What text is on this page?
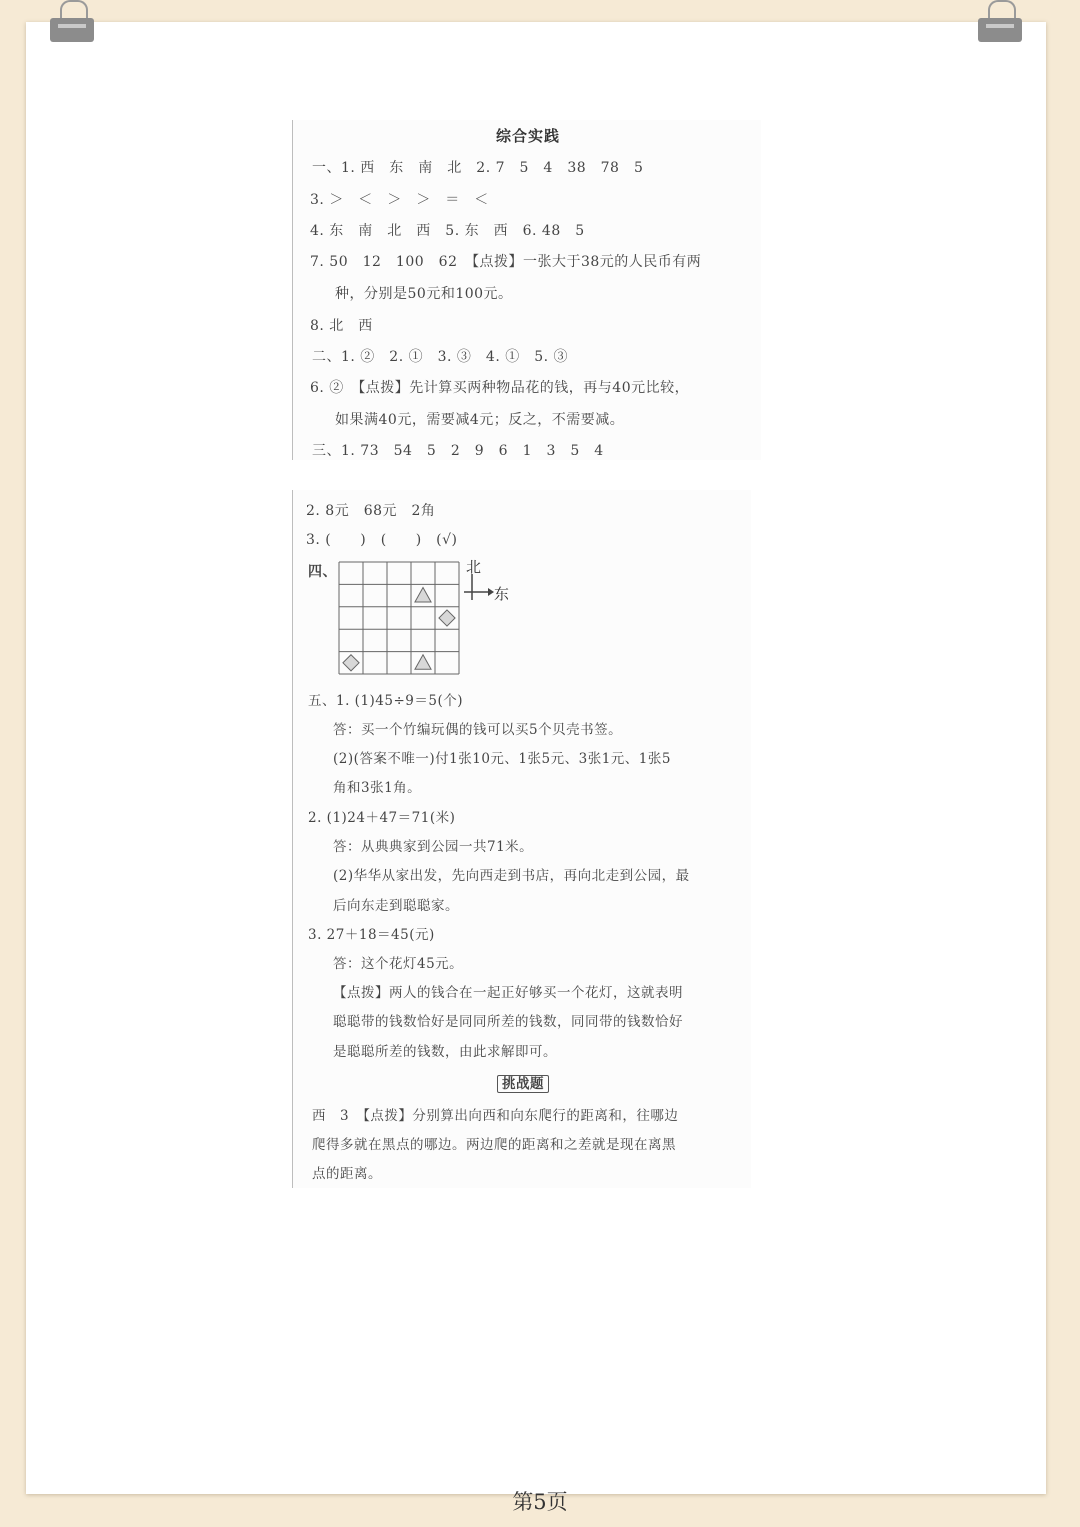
综合实践
一、1. 西　东　南　北　2. 7　5　4　38　78　5
3. ＞　＜　＞　＞　＝　＜
4. 东　南　北　西　5. 东　西　6. 48　5
7. 50　12　100　62　【点拨】一张大于38元的人民币有两
种，分别是50元和100元。
8. 北　西
二、1. ②　2. ①　3. ③　4. ①　5. ③
6. ②　【点拨】先计算买两种物品花的钱，再与40元比较，
如果满40元，需要减4元；反之，不需要减。
三、1. 73　54　5　2　9　6　1　3　5　4
2. 8元　68元　2角
3. (　　)　(　　)　(√)
四、	北
东
五、1. (1)45÷9＝5(个)
答：买一个竹编玩偶的钱可以买5个贝壳书签。
(2)(答案不唯一)付1张10元、1张5元、3张1元、1张5
角和3张1角。
2. (1)24＋47＝71(米)
答：从典典家到公园一共71米。
(2)华华从家出发，先向西走到书店，再向北走到公园，最
后向东走到聪聪家。
3. 27＋18＝45(元)
答：这个花灯45元。
【点拨】两人的钱合在一起正好够买一个花灯，这就表明
聪聪带的钱数恰好是同同所差的钱数，同同带的钱数恰好
是聪聪所差的钱数，由此求解即可。
挑战题
西　3　【点拨】分别算出向西和向东爬行的距离和，往哪边
爬得多就在黑点的哪边。两边爬的距离和之差就是现在离黑
点的距离。
第5页
